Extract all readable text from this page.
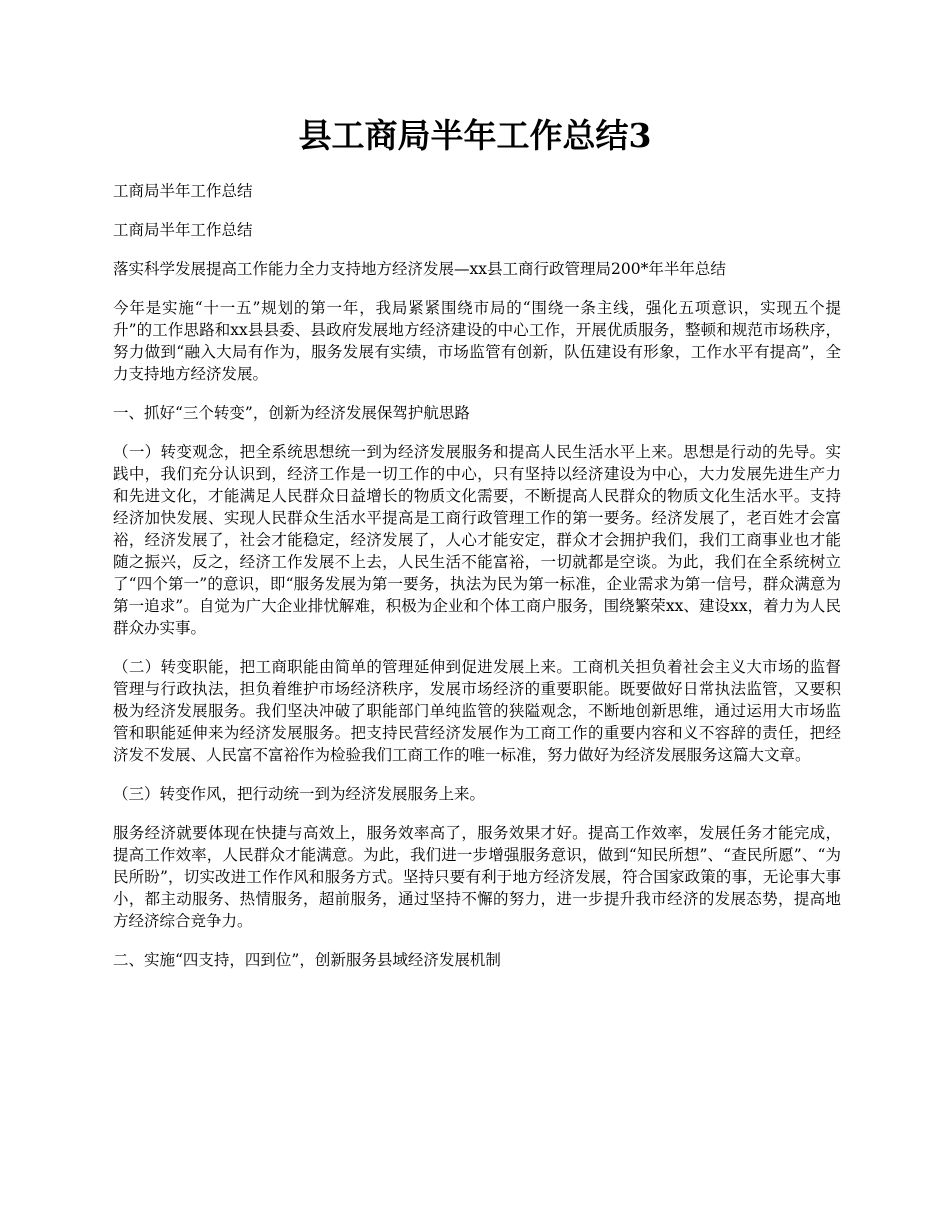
县工商局半年工作总结3

工商局半年工作总结

工商局半年工作总结

落实科学发展提高工作能力全力支持地方经济发展—xx县工商行政管理局200*年半年总结

今年是实施“十一五”规划的第一年，我局紧紧围绕市局的“围绕一条主线，强化五项意识，实现五个提升”的工作思路和xx县县委、县政府发展地方经济建设的中心工作，开展优质服务，整顿和规范市场秩序，努力做到“融入大局有作为，服务发展有实绩，市场监管有创新，队伍建设有形象，工作水平有提高”，全力支持地方经济发展。

一、抓好“三个转变”，创新为经济发展保驾护航思路

（一）转变观念，把全系统思想统一到为经济发展服务和提高人民生活水平上来。思想是行动的先导。实践中，我们充分认识到，经济工作是一切工作的中心，只有坚持以经济建设为中心，大力发展先进生产力和先进文化，才能满足人民群众日益增长的物质文化需要，不断提高人民群众的物质文化生活水平。支持经济加快发展、实现人民群众生活水平提高是工商行政管理工作的第一要务。经济发展了，老百姓才会富裕，经济发展了，社会才能稳定，经济发展了，人心才能安定，群众才会拥护我们，我们工商事业也才能随之振兴，反之，经济工作发展不上去，人民生活不能富裕，一切就都是空谈。为此，我们在全系统树立了“四个第一”的意识，即“服务发展为第一要务，执法为民为第一标准，企业需求为第一信号，群众满意为第一追求”。自觉为广大企业排忧解难，积极为企业和个体工商户服务，围绕繁荣xx、建设xx，着力为人民群众办实事。

（二）转变职能，把工商职能由简单的管理延伸到促进发展上来。工商机关担负着社会主义大市场的监督管理与行政执法，担负着维护市场经济秩序，发展市场经济的重要职能。既要做好日常执法监管，又要积极为经济发展服务。我们坚决冲破了职能部门单纯监管的狭隘观念，不断地创新思维，通过运用大市场监管和职能延伸来为经济发展服务。把支持民营经济发展作为工商工作的重要内容和义不容辞的责任，把经济发不发展、人民富不富裕作为检验我们工商工作的唯一标准，努力做好为经济发展服务这篇大文章。

（三）转变作风，把行动统一到为经济发展服务上来。

服务经济就要体现在快捷与高效上，服务效率高了，服务效果才好。提高工作效率，发展任务才能完成，提高工作效率，人民群众才能满意。为此，我们进一步增强服务意识，做到“知民所想”、“查民所愿”、“为民所盼”，切实改进工作作风和服务方式。坚持只要有利于地方经济发展，符合国家政策的事，无论事大事小，都主动服务、热情服务，超前服务，通过坚持不懈的努力，进一步提升我市经济的发展态势，提高地方经济综合竞争力。

二、实施“四支持，四到位”，创新服务县域经济发展机制
